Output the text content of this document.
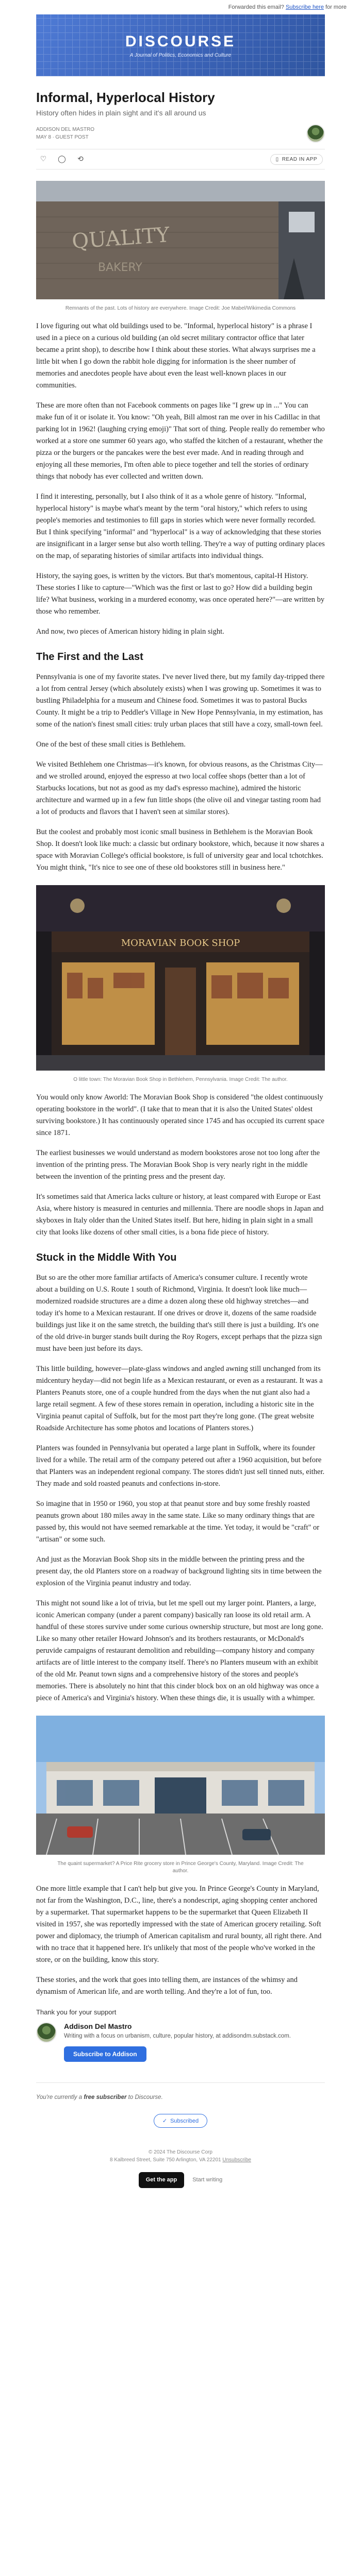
Forwarded this email? Subscribe here for more
DISCOURSE
A Journal of Politics, Economics and Culture
Informal, Hyperlocal History
History often hides in plain sight and it's all around us
ADDISON DEL MASTRO
MAY 8 ∙ GUEST POST
♡ ◯ ⟲	▯ READ IN APP
QUALITY
BAKERY
Remnants of the past. Lots of history are everywhere. Image Credit: Joe Mabel/Wikimedia Commons

I love figuring out what old buildings used to be. "Informal, hyperlocal history" is a phrase I used in a piece on a curious old building (an old secret military contractor office that later became a print shop), to describe how I think about these stories. What always surprises me a little bit when I go down the rabbit hole digging for information is the sheer number of memories and anecdotes people have about even the least well-known places in our communities.

These are more often than not Facebook comments on pages like "I grew up in ..." You can make fun of it or isolate it. You know: "Oh yeah, Bill almost ran me over in his Cadillac in that parking lot in 1962! (laughing crying emoji)" That sort of thing. People really do remember who worked at a store one summer 60 years ago, who staffed the kitchen of a restaurant, whether the pizza or the burgers or the pancakes were the best ever made. And in reading through and enjoying all these memories, I'm often able to piece together and tell the stories of ordinary things that nobody has ever collected and written down.

I find it interesting, personally, but I also think of it as a whole genre of history. "Informal, hyperlocal history" is maybe what's meant by the term "oral history," which refers to using people's memories and testimonies to fill gaps in stories which were never formally recorded. But I think specifying "informal" and "hyperlocal" is a way of acknowledging that these stories are insignificant in a larger sense but also worth telling. They're a way of putting ordinary places on the map, of separating histories of similar artifacts into individual things.

History, the saying goes, is written by the victors. But that's momentous, capital-H History. These stories I like to capture—"Which was the first or last to go? How did a building begin life? What business, working in a murdered economy, was once operated here?"—are written by those who remember.

And now, two pieces of American history hiding in plain sight.

The First and the Last

Pennsylvania is one of my favorite states. I've never lived there, but my family day-tripped there a lot from central Jersey (which absolutely exists) when I was growing up. Sometimes it was to bustling Philadelphia for a museum and Chinese food. Sometimes it was to pastoral Bucks County. It might be a trip to Peddler's Village in New Hope Pennsylvania, in my estimation, has some of the nation's finest small cities: truly urban places that still have a cozy, small-town feel.

One of the best of these small cities is Bethlehem.

We visited Bethlehem one Christmas—it's known, for obvious reasons, as the Christmas City—and we strolled around, enjoyed the espresso at two local coffee shops (better than a lot of Starbucks locations, but not as good as my dad's espresso machine), admired the historic architecture and warmed up in a few fun little shops (the olive oil and vinegar tasting room had a lot of products and flavors that I haven't seen at similar stores).

But the coolest and probably most iconic small business in Bethlehem is the Moravian Book Shop. It doesn't look like much: a classic but ordinary bookstore, which, because it now shares a space with Moravian College's official bookstore, is full of university gear and local tchotchkes. You might think, "It's nice to see one of these old bookstores still in business here."

MORAVIAN BOOK SHOP
O little town: The Moravian Book Shop in Bethlehem, Pennsylvania. Image Credit: The author.

You would only know Aworld: The Moravian Book Shop is considered "the oldest continuously operating bookstore in the world". (I take that to mean that it is also the United States' oldest surviving bookstore.) It has continuously operated since 1745 and has occupied its current space since 1871.

The earliest businesses we would understand as modern bookstores arose not too long after the invention of the printing press. The Moravian Book Shop is very nearly right in the middle between the invention of the printing press and the present day.

It's sometimes said that America lacks culture or history, at least compared with Europe or East Asia, where history is measured in centuries and millennia. There are noodle shops in Japan and skyboxes in Italy older than the United States itself. But here, hiding in plain sight in a small city that looks like dozens of other small cities, is a bona fide piece of history.

Stuck in the Middle With You

But so are the other more familiar artifacts of America's consumer culture. I recently wrote about a building on U.S. Route 1 south of Richmond, Virginia. It doesn't look like much—modernized roadside structures are a dime a dozen along these old highway stretches—and today it's home to a Mexican restaurant. If one drives or drove it, dozens of the same roadside buildings just like it on the same stretch, the building that's still there is just a building. It's one of the old drive-in burger stands built during the Roy Rogers, except perhaps that the pizza sign must have been just before its days.

This little building, however—plate-glass windows and angled awning still unchanged from its midcentury heyday—did not begin life as a Mexican restaurant, or even as a restaurant. It was a Planters Peanuts store, one of a couple hundred from the days when the nut giant also had a large retail segment. A few of these stores remain in operation, including a historic site in the Virginia peanut capital of Suffolk, but for the most part they're long gone. (The great website Roadside Architecture has some photos and locations of Planters stores.)

Planters was founded in Pennsylvania but operated a large plant in Suffolk, where its founder lived for a while. The retail arm of the company petered out after a 1960 acquisition, but before that Planters was an independent regional company. The stores didn't just sell tinned nuts, either. They made and sold roasted peanuts and confections in-store.

So imagine that in 1950 or 1960, you stop at that peanut store and buy some freshly roasted peanuts grown about 180 miles away in the same state. Like so many ordinary things that are passed by, this would not have seemed remarkable at the time. Yet today, it would be "craft" or "artisan" or some such.

And just as the Moravian Book Shop sits in the middle between the printing press and the present day, the old Planters store on a roadway of background lighting sits in time between the explosion of the Virginia peanut industry and today.

This might not sound like a lot of trivia, but let me spell out my larger point. Planters, a large, iconic American company (under a parent company) basically ran loose its old retail arm. A handful of these stores survive under some curious ownership structure, but most are long gone. Like so many other retailer Howard Johnson's and its brothers restaurants, or McDonald's peruvide campaigns of restaurant demolition and rebuilding—company history and company artifacts are of little interest to the company itself. There's no Planters museum with an exhibit of the old Mr. Peanut town signs and a comprehensive history of the stores and people's memories. There is absolutely no hint that this cinder block box on an old highway was once a piece of America's and Virginia's history. When these things die, it is usually with a whimper.

The quaint supermarket? A Price Rite grocery store in Prince George's County, Maryland. Image Credit: The author.

One more little example that I can't help but give you. In Prince George's County in Maryland, not far from the Washington, D.C., line, there's a nondescript, aging shopping center anchored by a supermarket. That supermarket happens to be the supermarket that Queen Elizabeth II visited in 1957, she was reportedly impressed with the state of American grocery retailing. Soft power and diplomacy, the triumph of American capitalism and rural bounty, all right there. And with no trace that it happened here. It's unlikely that most of the people who've worked in the store, or on the building, know this story.

These stories, and the work that goes into telling them, are instances of the whimsy and dynamism of American life, and are worth telling. And they're a lot of fun, too.

Thank you for your support
Addison Del Mastro
Writing with a focus on urbanism, culture, popular history, at addisondm.substack.com.
Subscribe to Addison
You're currently a free subscriber to Discourse.
✓ Subscribed
© 2024 The Discourse Corp
8 Kalbreed Street, Suite 750 Arlington, VA 22201 Unsubscribe
Get the app	Start writing
